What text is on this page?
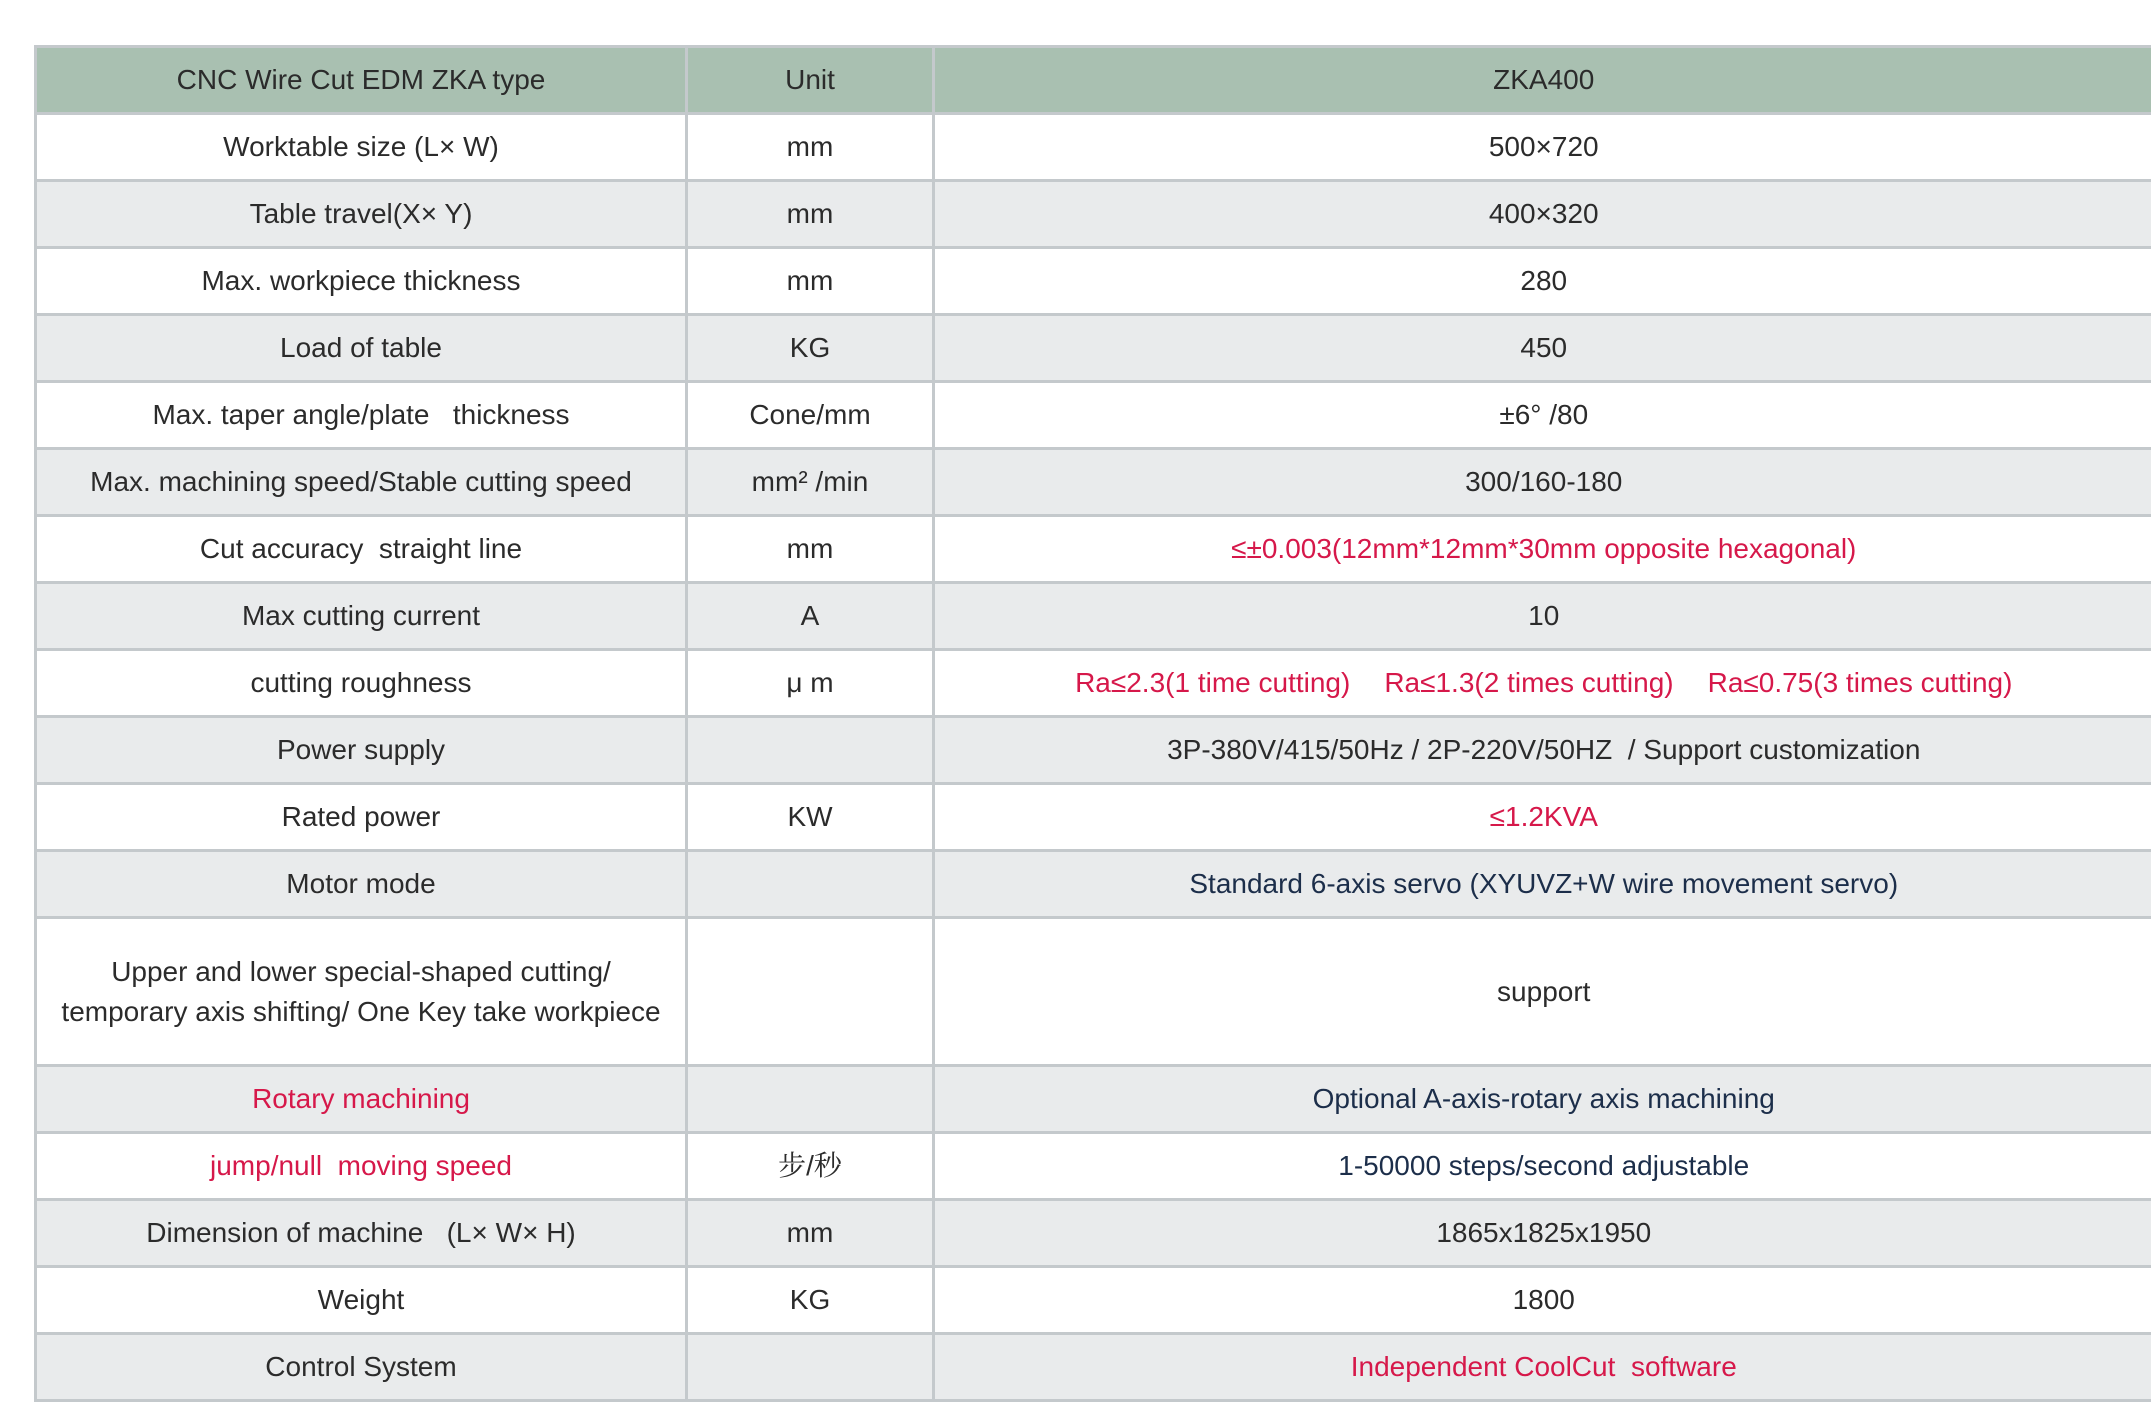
CNC Wire Cut EDM ZKA type	Unit	ZKA400
Worktable size (L× W)	mm	500×720
Table travel(X× Y)	mm	400×320
Max. workpiece thickness	mm	280
Load of table	KG	450
Max. taper angle/plate   thickness	Cone/mm	±6° /80
Max. machining speed/Stable cutting speed	mm² /min	300/160-180
Cut accuracy  straight line	mm	≤±0.003(12mm*12mm*30mm opposite hexagonal)
Max cutting current	A	10
cutting roughness	μ m	Ra≤2.3(1 time cutting) Ra≤1.3(2 times cutting) Ra≤0.75(3 times cutting)
Power supply		3P-380V/415/50Hz / 2P-220V/50HZ  / Support customization
Rated power	KW	≤1.2KVA
Motor mode		Standard 6-axis servo (XYUVZ+W wire movement servo)
Upper and lower special-shaped cutting/
temporary axis shifting/ One Key take workpiece		support
Rotary machining		Optional A-axis-rotary axis machining
jump/null  moving speed	步/秒	1-50000 steps/second adjustable
Dimension of machine   (L× W× H)	mm	1865x1825x1950
Weight	KG	1800
Control System		Independent CoolCut  software
